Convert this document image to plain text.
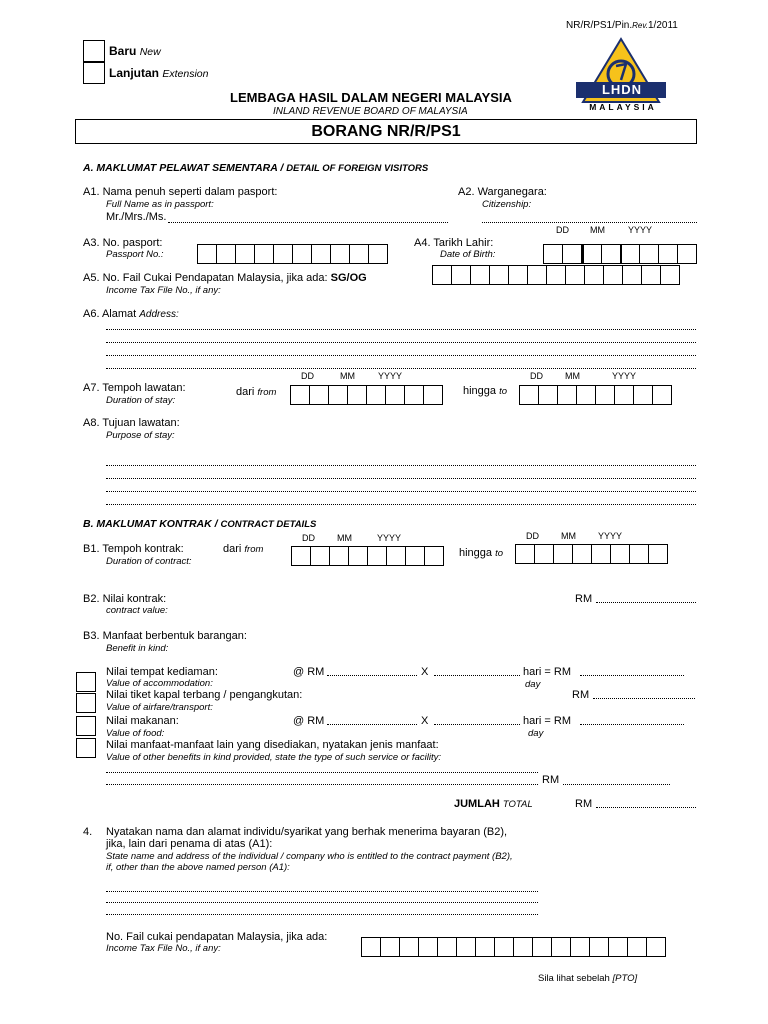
NR/R/PS1/Pin.Rev.1/2011
Baru New
Lanjutan Extension
LHDN
MALAYSIA
LEMBAGA HASIL DALAM NEGERI MALAYSIA
INLAND REVENUE BOARD OF MALAYSIA
BORANG NR/R/PS1
A. MAKLUMAT PELAWAT SEMENTARA / DETAIL OF FOREIGN VISITORS
A1. Nama penuh seperti dalam pasport:
Full Name as in passport:
Mr./Mrs./Ms.
A2. Warganegara:
Citizenship:
DD MM	YYYY
A3. No. pasport:
Passport No.:
A4. Tarikh Lahir:
Date of Birth:
A5. No. Fail Cukai Pendapatan Malaysia, jika ada: SG/OG
Income Tax File No., if any:
A6. Alamat Address:
DD	MM	YYYY	DD MM	YYYY
A7. Tempoh lawatan:
Duration of stay:
dari from	hingga to
A8. Tujuan lawatan:
Purpose of stay:
B. MAKLUMAT KONTRAK / CONTRACT DETAILS
DD MM	YYYY	DD MM YYYY
B1. Tempoh kontrak:
Duration of contract:
dari from	hingga to
B2. Nilai kontrak:
contract value:
RM
B3. Manfaat berbentuk barangan:
Benefit in kind:
Nilai tempat kediaman:
Value of accommodation:
@ RM	X	hari = RM
day
Nilai tiket kapal terbang / pengangkutan:
Value of airfare/transport:
RM
Nilai makanan:
Value of food:
@ RM	X	hari = RM
day
Nilai manfaat-manfaat lain yang disediakan, nyatakan jenis manfaat:
Value of other benefits in kind provided, state the type of such service or facility:
RM
JUMLAH TOTAL	RM
4. Nyatakan nama dan alamat individu/syarikat yang berhak menerima bayaran (B2),
jika, lain dari penama di atas (A1):
State name and address of the individual / company who is entitled to the contract payment (B2),
if, other than the above named person (A1):
No. Fail cukai pendapatan Malaysia, jika ada:
Income Tax File No., if any:
Sila lihat sebelah [PTO]
